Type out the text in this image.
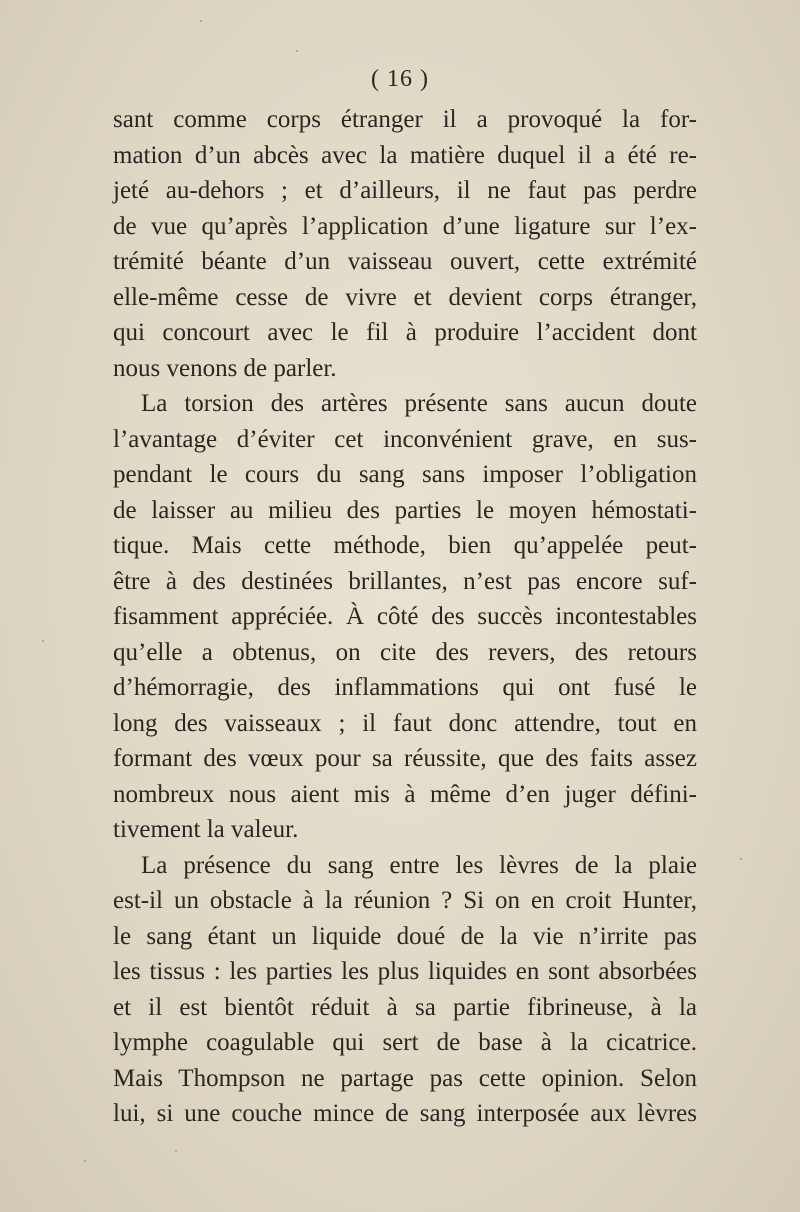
( 16 )
sant comme corps étranger il a provoqué la for-
mation d’un abcès avec la matière duquel il a été re-
jeté au-dehors ; et d’ailleurs, il ne faut pas perdre
de vue qu’après l’application d’une ligature sur l’ex-
trémité béante d’un vaisseau ouvert, cette extrémité
elle-même cesse de vivre et devient corps étranger,
qui concourt avec le fil à produire l’accident dont
nous venons de parler.
La torsion des artères présente sans aucun doute
l’avantage d’éviter cet inconvénient grave, en sus-
pendant le cours du sang sans imposer l’obligation
de laisser au milieu des parties le moyen hémostati-
tique. Mais cette méthode, bien qu’appelée peut-
être à des destinées brillantes, n’est pas encore suf-
fisamment appréciée. À côté des succès incontestables
qu’elle a obtenus, on cite des revers, des retours
d’hémorragie, des inflammations qui ont fusé le
long des vaisseaux ; il faut donc attendre, tout en
formant des vœux pour sa réussite, que des faits assez
nombreux nous aient mis à même d’en juger défini-
tivement la valeur.
La présence du sang entre les lèvres de la plaie
est-il un obstacle à la réunion ? Si on en croit Hunter,
le sang étant un liquide doué de la vie n’irrite pas
les tissus : les parties les plus liquides en sont absorbées
et il est bientôt réduit à sa partie fibrineuse, à la
lymphe coagulable qui sert de base à la cicatrice.
Mais Thompson ne partage pas cette opinion. Selon
lui, si une couche mince de sang interposée aux lèvres
